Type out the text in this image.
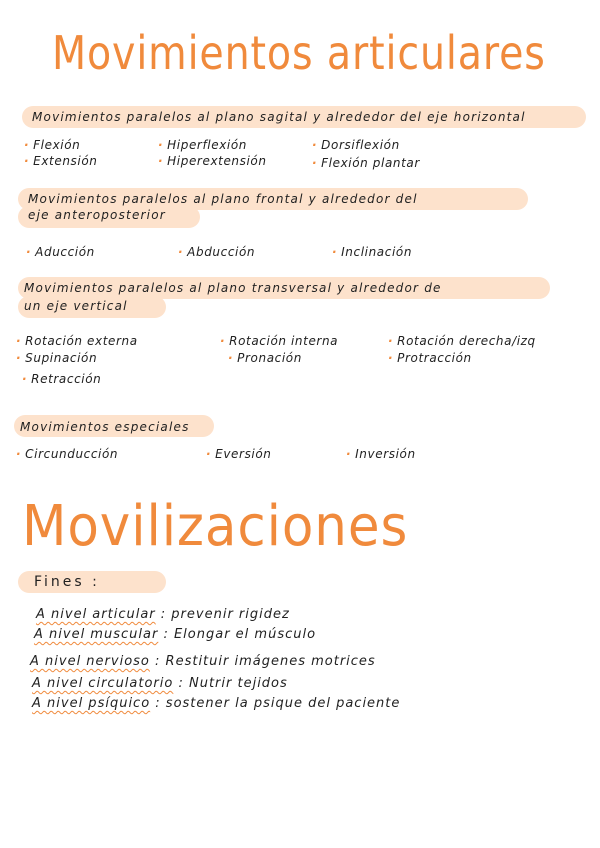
Movimientos articulares
Movimientos paralelos al plano sagital y alrededor del eje horizontal
· Flexión
· Extensión
· Hiperflexión
· Hiperextensión
· Dorsiflexión
· Flexión plantar
Movimientos paralelos al plano frontal y alrededor del
eje anteroposterior
· Aducción	· Abducción	· Inclinación
Movimientos paralelos al plano transversal y alrededor de
un eje vertical
· Rotación externa
· Supinación
· Retracción
· Rotación interna
· Pronación
· Rotación derecha/izq
· Protracción
Movimientos especiales
· Circunducción	· Eversión	· Inversión
Movilizaciones
Fines :
A nivel articular : prevenir rigidez
A nivel muscular : Elongar el músculo
A nivel nervioso : Restituir imágenes motrices
A nivel circulatorio : Nutrir tejidos
A nivel psíquico : sostener la psique del paciente
